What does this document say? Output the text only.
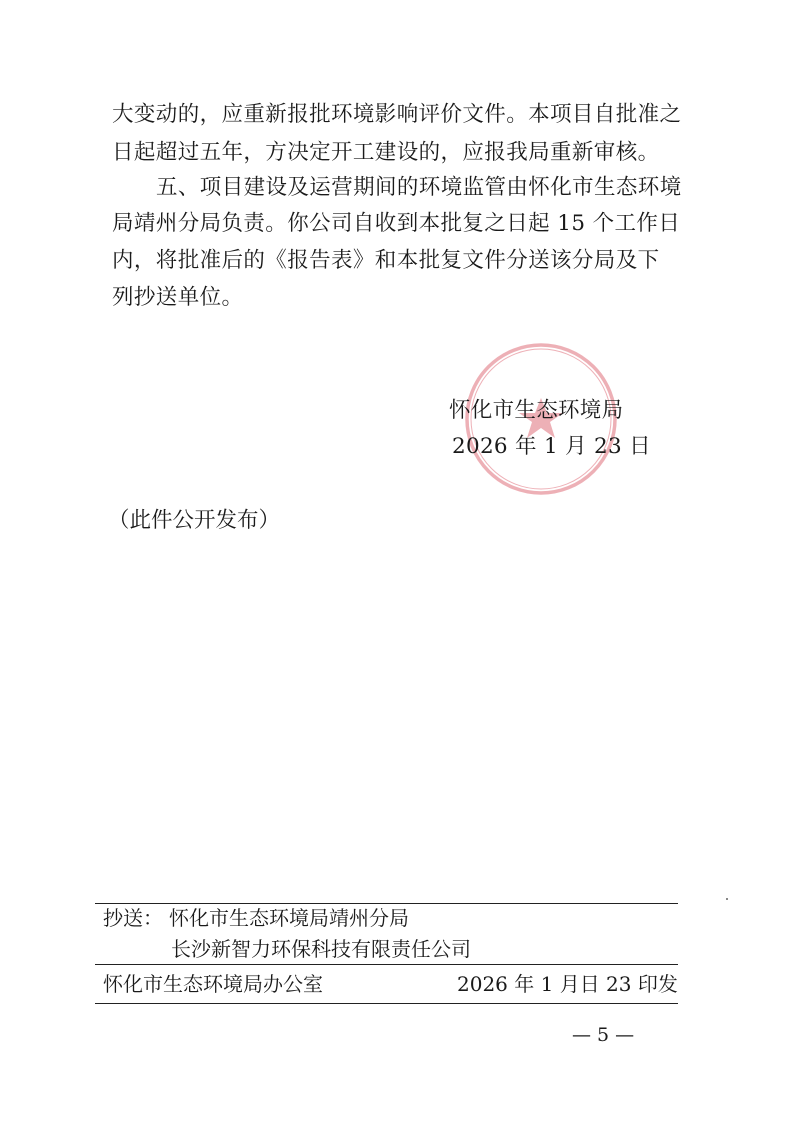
大变动的，应重新报批环境影响评价文件。本项目自批准之
日起超过五年，方决定开工建设的，应报我局重新审核。
五、项目建设及运营期间的环境监管由怀化市生态环境
局靖州分局负责。你公司自收到本批复之日起 15 个工作日
内，将批准后的《报告表》和本批复文件分送该分局及下
列抄送单位。
怀化市生态环境局
2026 年 1 月 23 日
（此件公开发布）
抄送： 怀化市生态环境局靖州分局
长沙新智力环保科技有限责任公司
怀化市生态环境局办公室	2026 年 1 月日 23 印发
— 5 —
